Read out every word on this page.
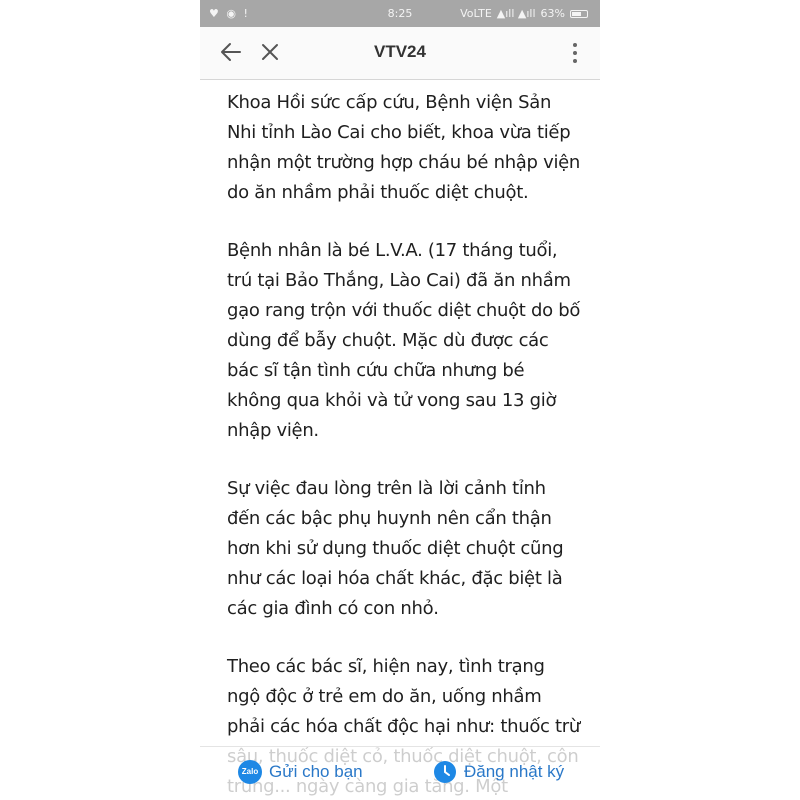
♥ ◉ !	8:25	VoLTE ▲ıll ▲ıll 63%
VTV24

Khoa Hồi sức cấp cứu, Bệnh viện Sản Nhi tỉnh Lào Cai cho biết, khoa vừa tiếp nhận một trường hợp cháu bé nhập viện do ăn nhầm phải thuốc diệt chuột.

Bệnh nhân là bé L.V.A. (17 tháng tuổi, trú tại Bảo Thắng, Lào Cai) đã ăn nhầm gạo rang trộn với thuốc diệt chuột do bố dùng để bẫy chuột. Mặc dù được các bác sĩ tận tình cứu chữa nhưng bé không qua khỏi và tử vong sau 13 giờ nhập viện.

Sự việc đau lòng trên là lời cảnh tỉnh đến các bậc phụ huynh nên cẩn thận hơn khi sử dụng thuốc diệt chuột cũng như các loại hóa chất khác, đặc biệt là các gia đình có con nhỏ.

Theo các bác sĩ, hiện nay, tình trạng ngộ độc ở trẻ em do ăn, uống nhầm phải các hóa chất độc hại như: thuốc trừ

Zalo Gửi cho bạn	Đăng nhật ký
